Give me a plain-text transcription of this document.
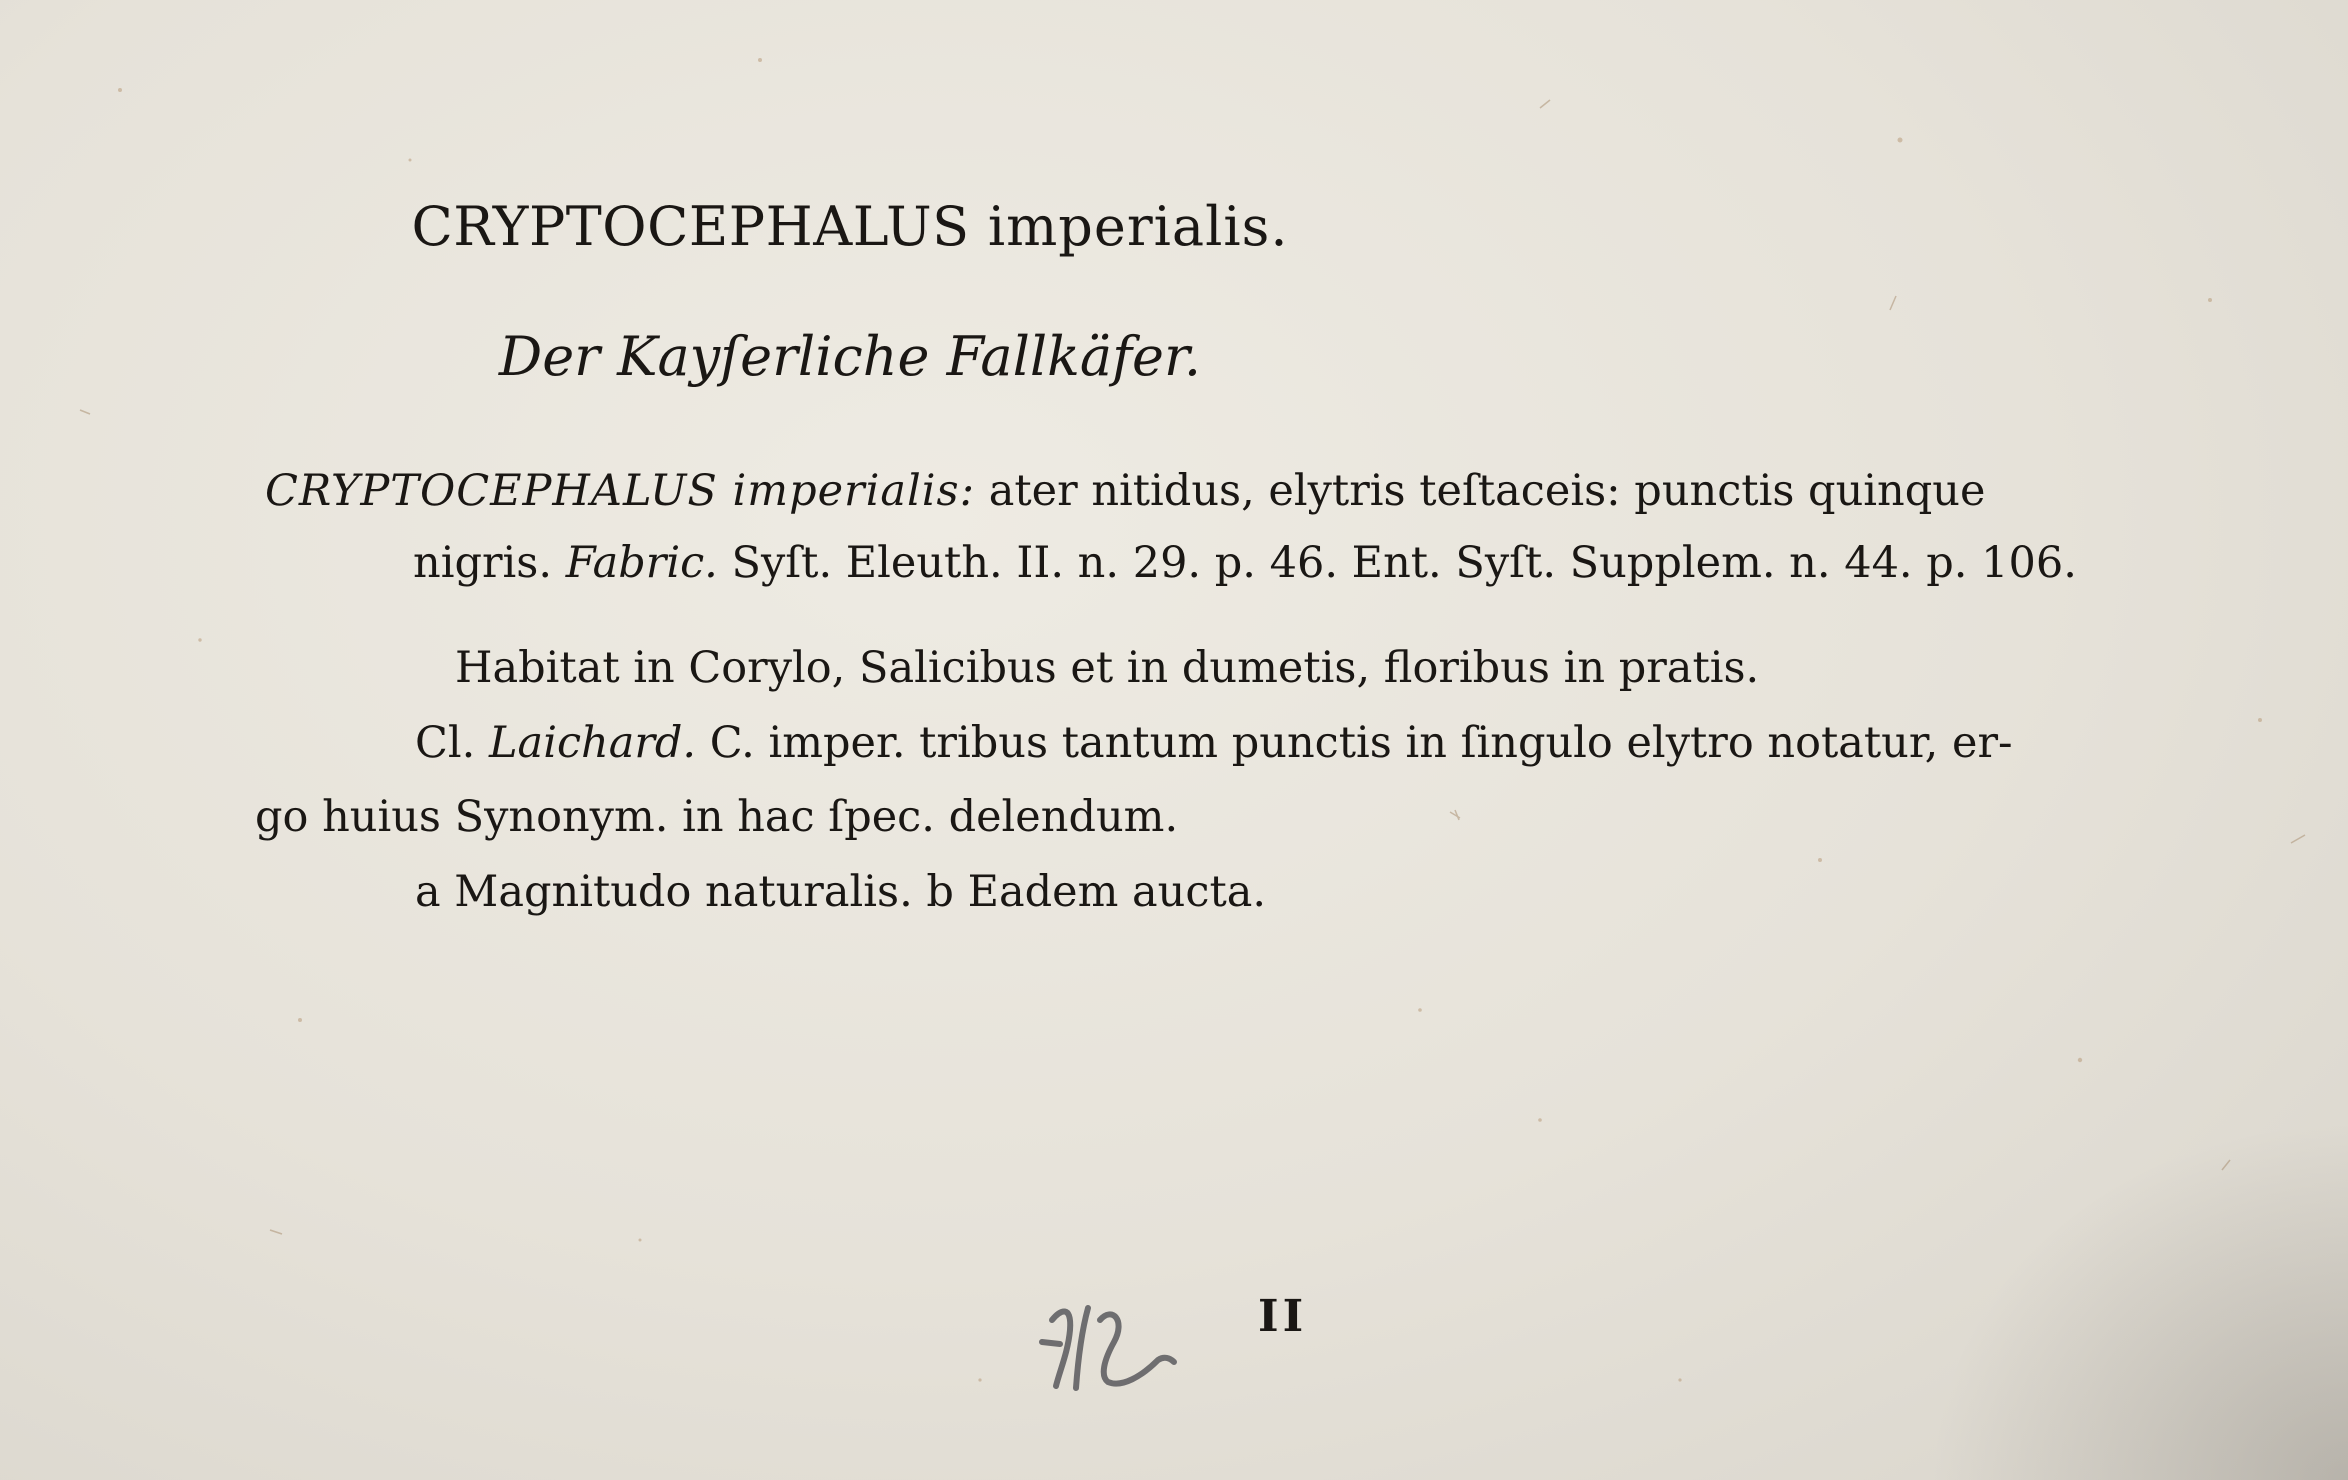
CRYPTOCEPHALUS imperialis.
Der Kayſerliche Fallkäfer.
CRYPTOCEPHALUS imperialis: ater nitidus, elytris teſtaceis: punctis quinque
nigris. Fabric. Syſt. Eleuth. II. n. 29. p. 46. Ent. Syſt. Supplem. n. 44. p. 106.
Habitat in Corylo, Salicibus et in dumetis, floribus in pratis.
Cl. Laichard. C. imper. tribus tantum punctis in ſingulo elytro notatur, er-
go huius Synonym. in hac ſpec. delendum.
a Magnitudo naturalis. b Eadem aucta.
II
